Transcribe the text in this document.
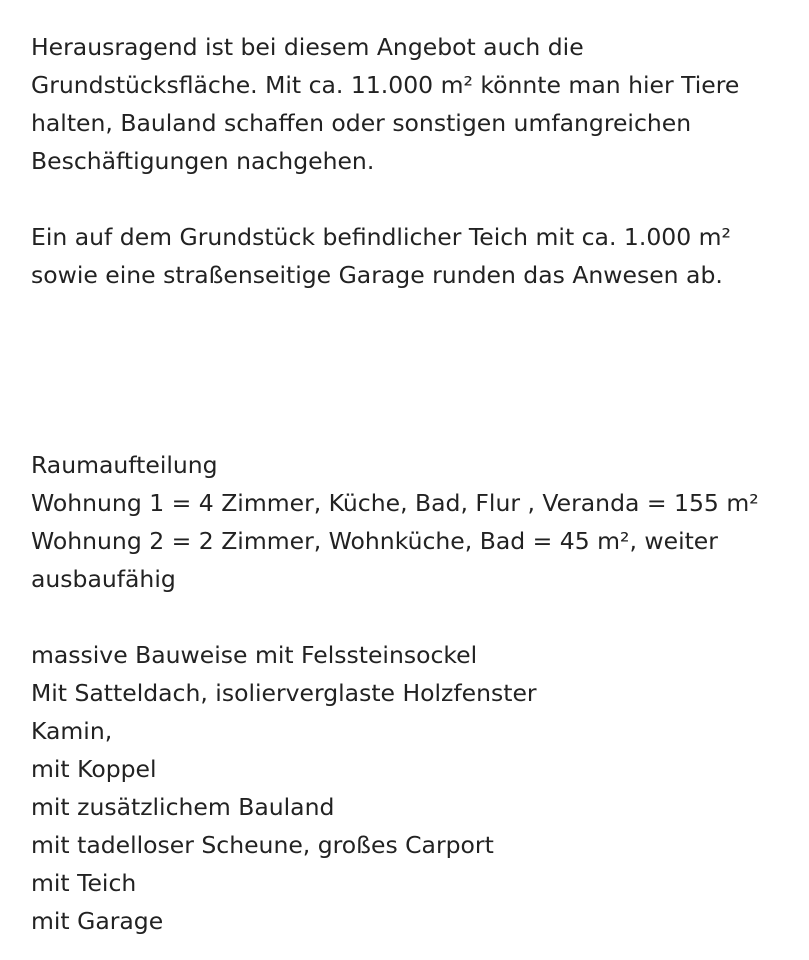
Herausragend ist bei diesem Angebot auch die
Grundstücksfläche. Mit ca. 11.000 m² könnte man hier Tiere
halten, Bauland schaffen oder sonstigen umfangreichen
Beschäftigungen nachgehen.

Ein auf dem Grundstück befindlicher Teich mit ca. 1.000 m²
sowie eine straßenseitige Garage runden das Anwesen ab.

Raumaufteilung
Wohnung 1 = 4 Zimmer, Küche, Bad, Flur , Veranda = 155 m²
Wohnung 2 = 2 Zimmer, Wohnküche, Bad = 45 m², weiter
ausbaufähig
massive Bauweise mit Felssteinsockel
Mit Satteldach, isolierverglaste Holzfenster
Kamin,
mit Koppel
mit zusätzlichem Bauland
mit tadelloser Scheune, großes Carport
mit Teich
mit Garage
